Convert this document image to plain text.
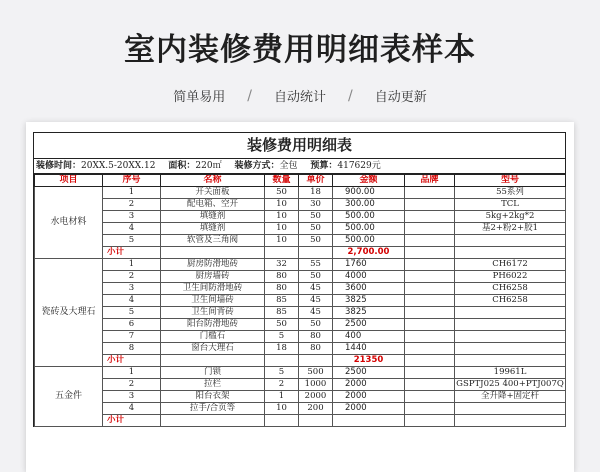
室内装修费用明细表样本
简单易用 / 自动统计 / 自动更新
装修费用明细表
装修时间：20XX.5-20XX.12 面积：220㎡ 装修方式：全包 预算：417629元
项目	序号	名称	数量	单价	金额	品牌	型号
水电材料	1	开关面板	50	18	900.00		55系列
	2	配电箱、空开	10	30	300.00		TCL
	3	填缝剂	10	50	500.00		5kg+2kg*2
	4	填缝剂	10	50	500.00		基2+粉2+胶1
	5	软管及三角阀	10	50	500.00		
	小计				2,700.00		
瓷砖及大理石	1	厨房防滑地砖	32	55	1760		CH6172
	2	厨房墙砖	80	50	4000		PH6022
	3	卫生间防滑地砖	80	45	3600		CH6258
	4	卫生间墙砖	85	45	3825		CH6258
	5	卫生间背砖	85	45	3825		
	6	阳台防滑地砖	50	50	2500		
	7	门槛石	5	80	400		
	8	窗台大理石	18	80	1440		
	小计				21350		
五金件	1	门锁	5	500	2500		19961L
	2	拉栏	2	1000	2000		GSPTJ025 400+PTJ007Q
	3	阳台衣架	1	2000	2000		全升降+固定杆
	4	拉手/合页等	10	200	2000		
	小计						
